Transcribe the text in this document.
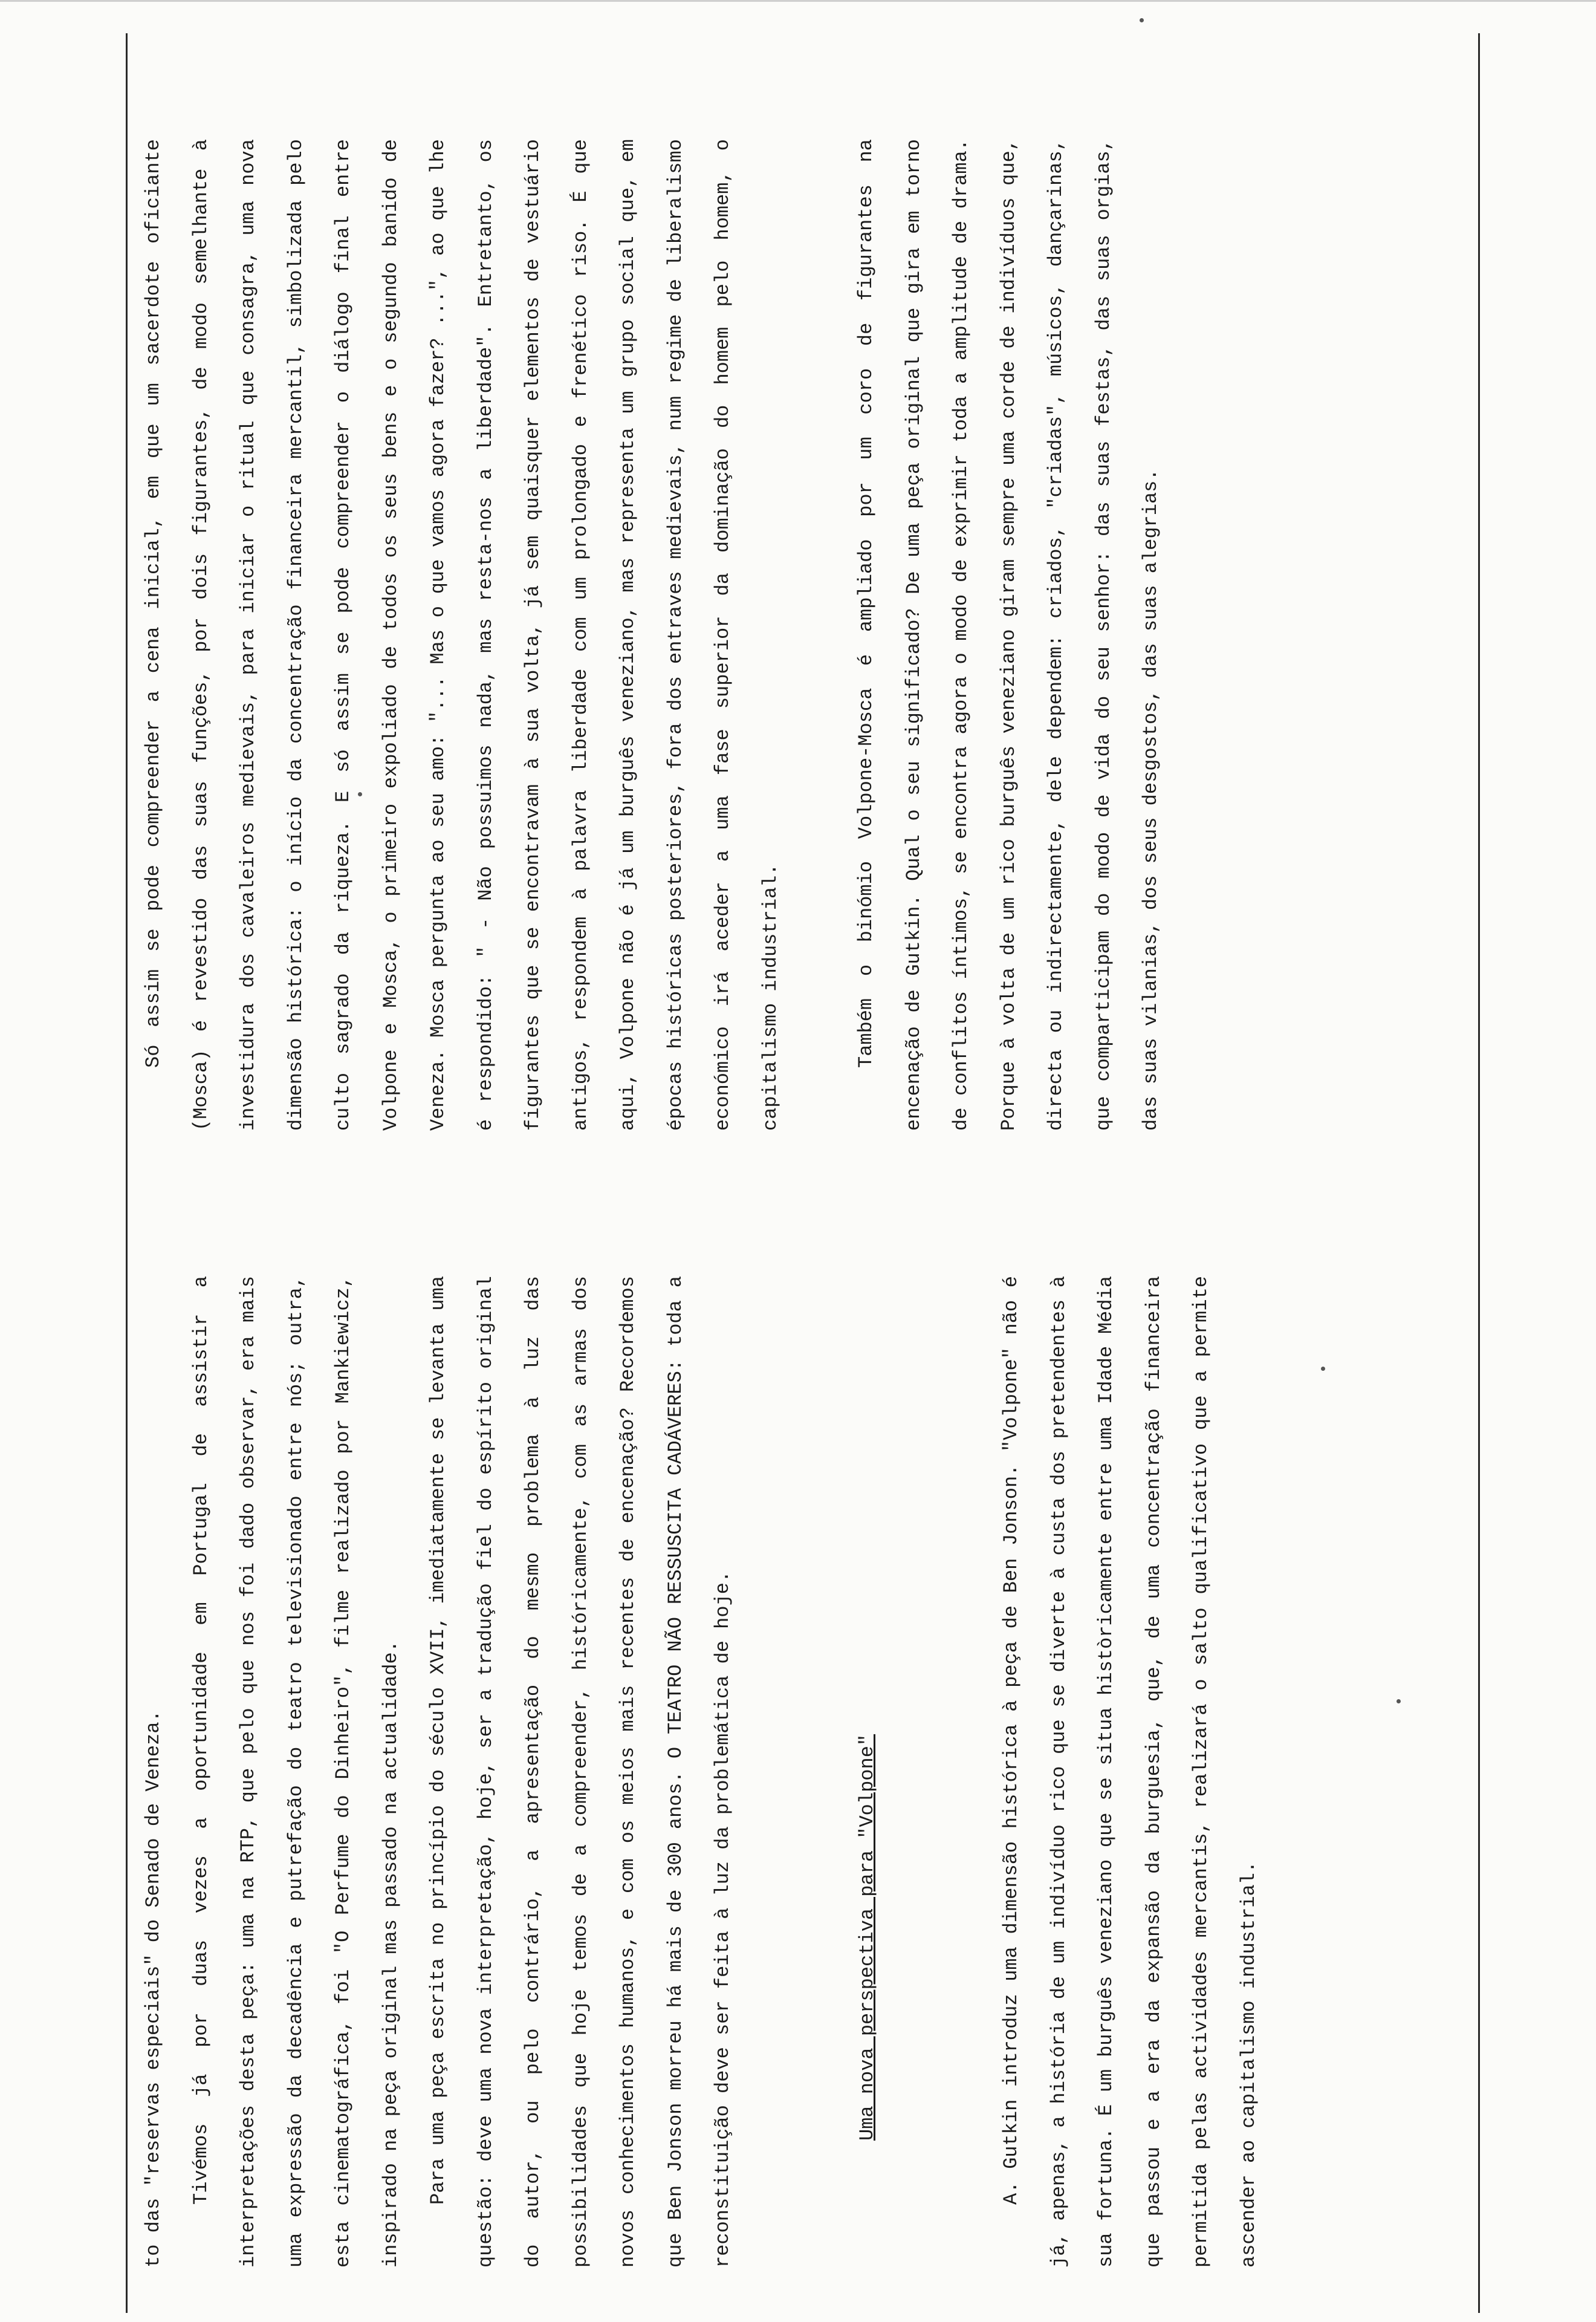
to das "reservas especiais" do Senado de Veneza.	Tivémos já por duas vezes a oportunidade em Portugal de assistir a interpretações desta peça: uma na RTP, que pelo que nos foi dado observar, era mais uma expressão da decadência e putrefação do teatro televisionado entre nós; outra, esta cinematográfica, foi "O Perfume do Dinheiro", filme realizado por Mankiewicz, inspirado na peça original mas passado na actualidade.	Para uma peça escrita no princípio do século XVII, imediatamente se levanta uma questão: deve uma nova interpretação, hoje, ser a tradução fiel do espírito original do autor, ou pelo contrário, a apresentação do mesmo problema à luz das possibilidades que hoje temos de a compreender, históricamente, com as armas dos novos conhecimentos humanos, e com os meios mais recentes de encenação? Recordemos que Ben Jonson morreu há mais de 300 anos. O TEATRO NÃO RESSUSCITA CADÁVERES: toda a reconstituição deve ser feita à luz da problemática de hoje.	Uma nova perspectiva para "Volpone"	A. Gutkin introduz uma dimensão histórica à peça de Ben Jonson. "Volpone" não é já, apenas, a história de um indivíduo rico que se diverte à custa dos pretendentes à sua fortuna. É um burguês veneziano que se situa històricamente entre uma Idade Média que passou e a era da expansão da burguesia, que, de uma concentração financeira permitida pelas actividades mercantis, realizará o salto qualificativo que a permite ascender ao capitalismo industrial.

Só assim se pode compreender a cena inicial, em que um sacerdote oficiante (Mosca) é revestido das suas funções, por dois figurantes, de modo semelhante à investidura dos cavaleiros medievais, para iniciar o ritual que consagra, uma nova dimensão histórica: o início da concentração financeira mercantil, simbolizada pelo culto sagrado da riqueza. E só assim se pode compreender o diálogo final entre Volpone e Mosca, o primeiro expoliado de todos os seus bens e o segundo banido de Veneza. Mosca pergunta ao seu amo: "... Mas o que vamos agora fazer? ...", ao que lhe é respondido: " - Não possuimos nada, mas resta-nos a liberdade". Entretanto, os figurantes que se encontravam à sua volta, já sem quaisquer elementos de vestuário antigos, respondem à palavra liberdade com um prolongado e frenético riso. É que aqui, Volpone não é já um burguês veneziano, mas representa um grupo social que, em épocas históricas posteriores, fora dos entraves medievais, num regime de liberalismo económico irá aceder a uma fase superior da dominação do homem pelo homem, o capitalismo industrial.	Também o binómio Volpone-Mosca é ampliado por um coro de figurantes na encenação de Gutkin. Qual o seu significado? De uma peça original que gira em torno de conflitos íntimos, se encontra agora o modo de exprimir toda a amplitude de drama. Porque à volta de um rico burguês veneziano giram sempre uma corde de indivíduos que, directa ou indirectamente, dele dependem: criados, "criadas", músicos, dançarinas, que comparticipam do modo de vida do seu senhor: das suas festas, das suas orgias, das suas vilanias, dos seus desgostos, das suas alegrias.
